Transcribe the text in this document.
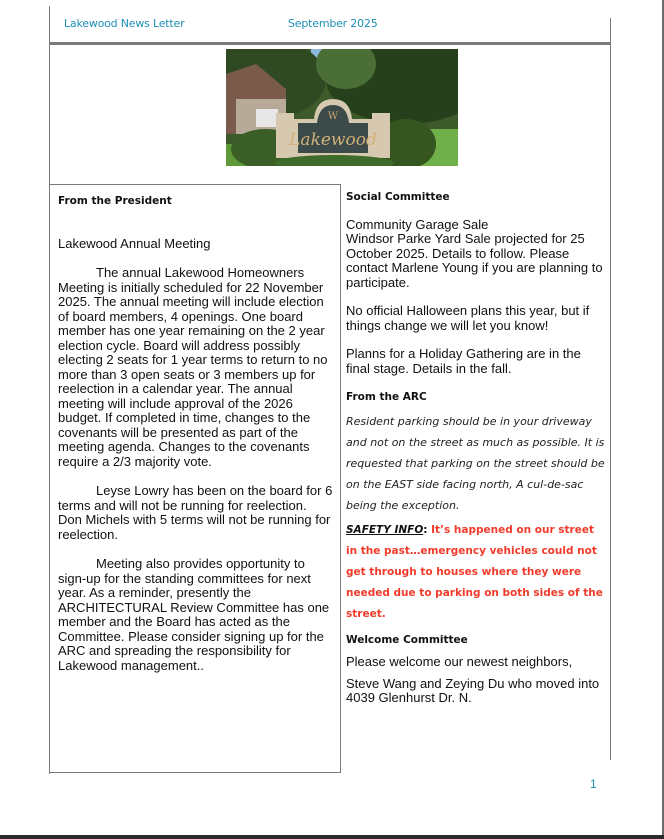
Lakewood News Letter	September 2025
W
Lakewood
From the President

Lakewood Annual Meeting

The annual Lakewood Homeowners Meeting is initially scheduled for 22 November 2025. The annual meeting will include election of board members, 4 openings. One board member has one year remaining on the 2 year election cycle. Board will address possibly electing 2 seats for 1 year terms to return to no more than 3 open seats or 3 members up for reelection in a calendar year. The annual meeting will include approval of the 2026 budget. If completed in time, changes to the covenants will be presented as part of the meeting agenda. Changes to the covenants require a 2/3 majority vote.

Leyse Lowry has been on the board for 6 terms and will not be running for reelection. Don Michels with 5 terms will not be running for reelection.

Meeting also provides opportunity to sign-up for the standing committees for next year. As a reminder, presently the ARCHITECTURAL Review Committee has one member and the Board has acted as the Committee. Please consider signing up for the ARC and spreading the responsibility for Lakewood management..

Social Committee

Community Garage Sale

Windsor Parke Yard Sale projected for 25 October 2025. Details to follow. Please contact Marlene Young if you are planning to participate.

No official Halloween plans this year, but if things change we will let you know!

Planns for a Holiday Gathering are in the final stage. Details in the fall.

From the ARC

Resident parking should be in your driveway and not on the street as much as possible. It is requested that parking on the street should be on the EAST side facing north, A cul-de-sac being the exception.

SAFETY INFO: It’s happened on our street in the past…emergency vehicles could not get through to houses where they were needed due to parking on both sides of the street.

Welcome Committee

Please welcome our newest neighbors,

Steve Wang and Zeying Du who moved into 4039 Glenhurst Dr. N.

1
